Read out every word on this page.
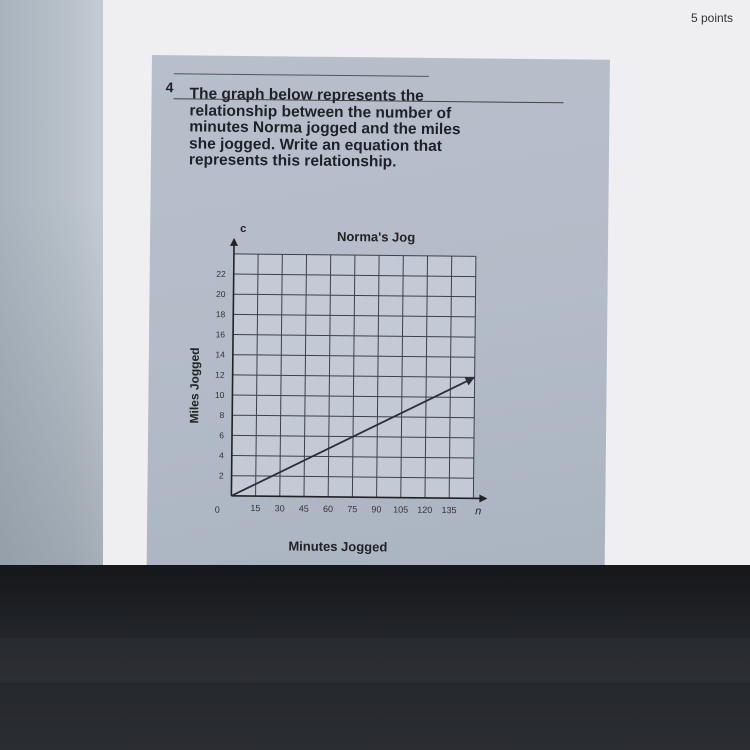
5 points
4 The graph below represents the
relationship between the number of
minutes Norma jogged and the miles
she jogged. Write an equation that
represents this relationship.
15 30 45 60 75 90 105 120 135
2
4
6
8
10
12
14
16
18
20
22
Norma's Jog
c
n
0
Minutes Jogged
Miles Jogged
